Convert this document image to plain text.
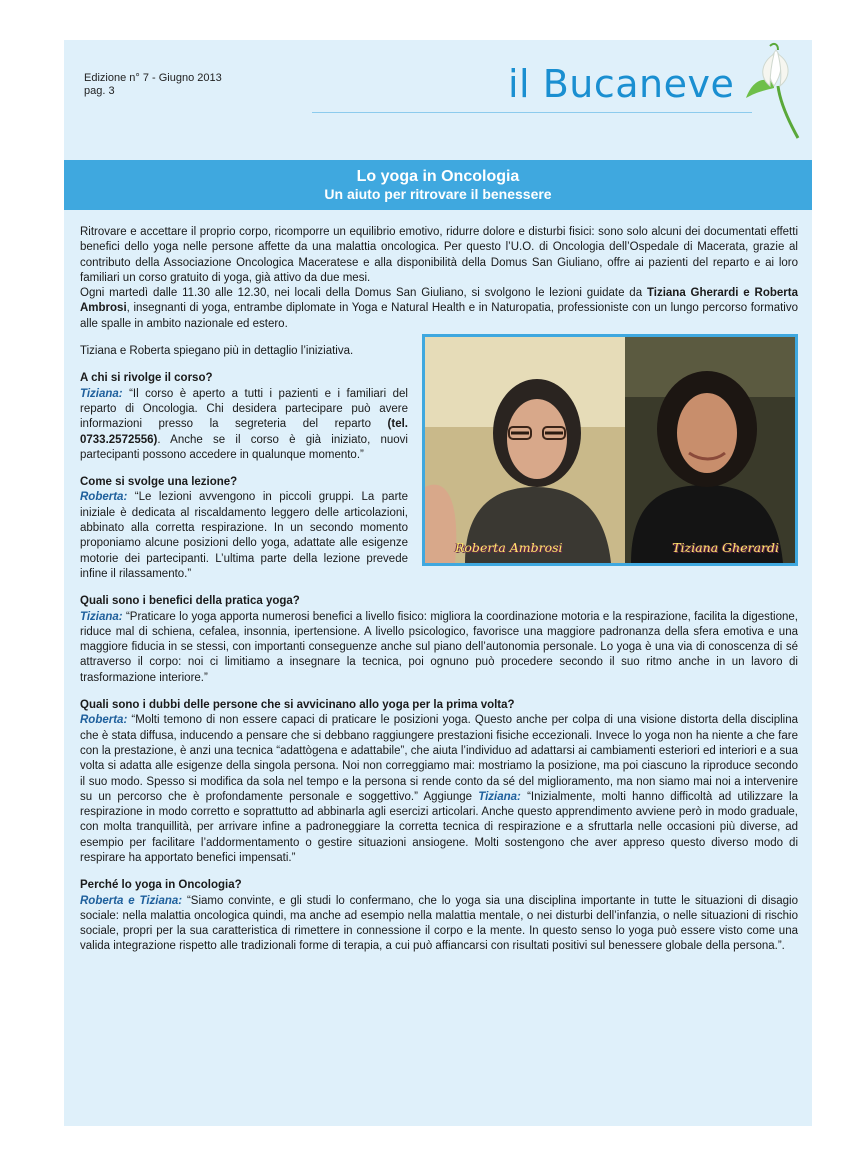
Edizione n° 7 - Giugno 2013
pag. 3	il Bucaneve
Lo yoga in Oncologia
Un aiuto per ritrovare il benessere

Ritrovare e accettare il proprio corpo, ricomporre un equilibrio emotivo, ridurre dolore e disturbi fisici: sono solo alcuni dei documentati effetti benefici dello yoga nelle persone affette da una malattia oncologica. Per questo l’U.O. di Oncologia dell’Ospedale di Macerata, grazie al contributo della Associazione Oncologica Maceratese e alla disponibilità della Domus San Giuliano, offre ai pazienti del reparto e ai loro familiari un corso gratuito di yoga, già attivo da due mesi.

Ogni martedì dalle 11.30 alle 12.30, nei locali della Domus San Giuliano, si svolgono le lezioni guidate da Tiziana Gherardi e Roberta Ambrosi, insegnanti di yoga, entrambe diplomate in Yoga e Natural Health e in Naturopatia, professioniste con un lungo percorso formativo alle spalle in ambito nazionale ed estero.

Roberta Ambrosi	Tiziana Gherardi

Tiziana e Roberta spiegano più in dettaglio l’iniziativa.

A chi si rivolge il corso?

Tiziana: “Il corso è aperto a tutti i pazienti e i familiari del reparto di Oncologia. Chi desidera partecipare può avere informazioni presso la segreteria del reparto (tel. 0733.2572556). Anche se il corso è già iniziato, nuovi partecipanti possono accedere in qualunque momento.”

Come si svolge una lezione?

Roberta: “Le lezioni avvengono in piccoli gruppi. La parte iniziale è dedicata al riscaldamento leggero delle articolazioni, abbinato alla corretta respirazione. In un secondo momento proponiamo alcune posizioni dello yoga, adattate alle esigenze motorie dei partecipanti. L’ultima parte della lezione prevede infine il rilassamento.”

Quali sono i benefici della pratica yoga?

Tiziana: “Praticare lo yoga apporta numerosi benefici a livello fisico: migliora la coordinazione motoria e la respirazione, facilita la digestione, riduce mal di schiena, cefalea, insonnia, ipertensione. A livello psicologico, favorisce una maggiore padronanza della sfera emotiva e una maggiore fiducia in se stessi, con importanti conseguenze anche sul piano dell’autonomia personale. Lo yoga è una via di conoscenza di sé attraverso il corpo: noi ci limitiamo a insegnare la tecnica, poi ognuno può procedere secondo il suo ritmo anche in un lavoro di trasformazione interiore.”

Quali sono i dubbi delle persone che si avvicinano allo yoga per la prima volta?

Roberta: “Molti temono di non essere capaci di praticare le posizioni yoga. Questo anche per colpa di una visione distorta della disciplina che è stata diffusa, inducendo a pensare che si debbano raggiungere prestazioni fisiche eccezionali. Invece lo yoga non ha niente a che fare con la prestazione, è anzi una tecnica “adattògena e adattabile”, che aiuta l’individuo ad adattarsi ai cambiamenti esteriori ed interiori e a sua volta si adatta alle esigenze della singola persona. Noi non correggiamo mai: mostriamo la posizione, ma poi ciascuno la riproduce secondo il suo modo. Spesso si modifica da sola nel tempo e la persona si rende conto da sé del miglioramento, ma non siamo mai noi a intervenire su un percorso che è profondamente personale e soggettivo.” Aggiunge Tiziana: “Inizialmente, molti hanno difficoltà ad utilizzare la respirazione in modo corretto e soprattutto ad abbinarla agli esercizi articolari. Anche questo apprendimento avviene però in modo graduale, con molta tranquillità, per arrivare infine a padroneggiare la corretta tecnica di respirazione e a sfruttarla nelle occasioni più diverse, ad esempio per facilitare l’addormentamento o gestire situazioni ansiogene. Molti sostengono che aver appreso questo diverso modo di respirare ha apportato benefici impensati.”

Perché lo yoga in Oncologia?

Roberta e Tiziana: “Siamo convinte, e gli studi lo confermano, che lo yoga sia una disciplina importante in tutte le situazioni di disagio sociale: nella malattia oncologica quindi, ma anche ad esempio nella malattia mentale, o nei disturbi dell’infanzia, o nelle situazioni di rischio sociale, propri per la sua caratteristica di rimettere in connessione il corpo e la mente. In questo senso lo yoga può essere visto come una valida integrazione rispetto alle tradizionali forme di terapia, a cui può affiancarsi con risultati positivi sul benessere globale della persona.”.
